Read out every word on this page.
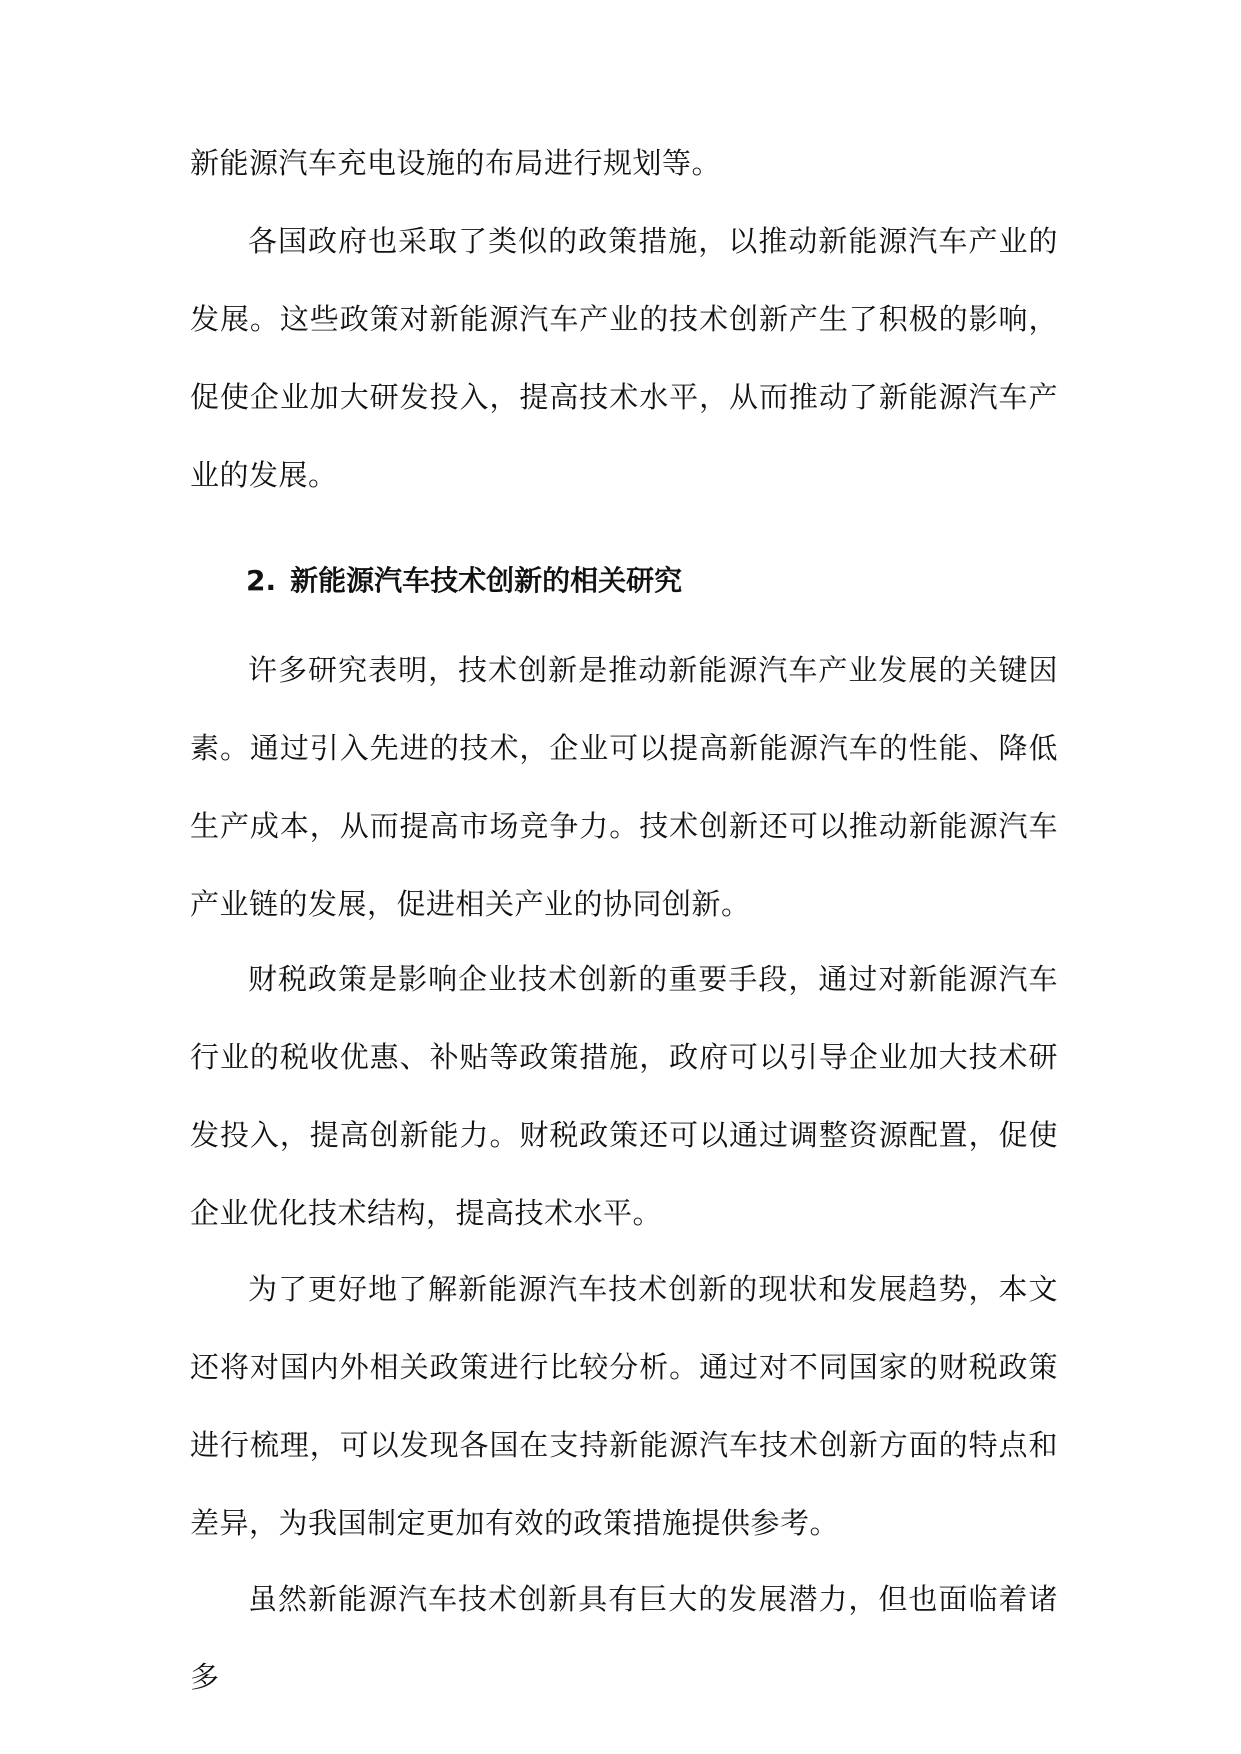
新能源汽车充电设施的布局进行规划等。
各国政府也采取了类似的政策措施，以推动新能源汽车产业的发展。这些政策对新能源汽车产业的技术创新产生了积极的影响，促使企业加大研发投入，提高技术水平，从而推动了新能源汽车产业的发展。
2. 新能源汽车技术创新的相关研究
许多研究表明，技术创新是推动新能源汽车产业发展的关键因素。通过引入先进的技术，企业可以提高新能源汽车的性能、降低生产成本，从而提高市场竞争力。技术创新还可以推动新能源汽车产业链的发展，促进相关产业的协同创新。
财税政策是影响企业技术创新的重要手段，通过对新能源汽车行业的税收优惠、补贴等政策措施，政府可以引导企业加大技术研发投入，提高创新能力。财税政策还可以通过调整资源配置，促使企业优化技术结构，提高技术水平。
为了更好地了解新能源汽车技术创新的现状和发展趋势，本文还将对国内外相关政策进行比较分析。通过对不同国家的财税政策进行梳理，可以发现各国在支持新能源汽车技术创新方面的特点和差异，为我国制定更加有效的政策措施提供参考。
虽然新能源汽车技术创新具有巨大的发展潜力，但也面临着诸多
